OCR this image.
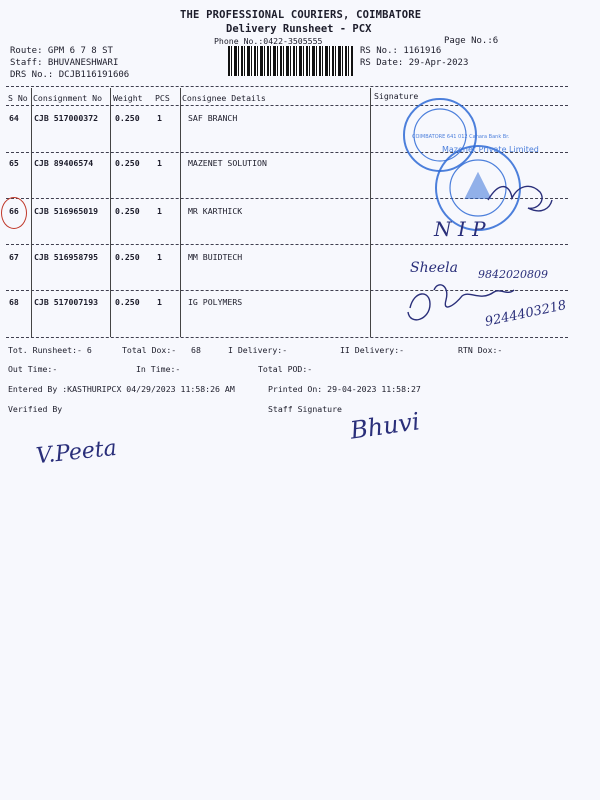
THE PROFESSIONAL COURIERS, COIMBATORE
Delivery Runsheet - PCX
Phone No.:0422-3505555	Page No.:6
Route: GPM 6 7 8 ST
Staff: BHUVANESHWARI
DRS No.: DCJB116191606
RS No.: 1161916
RS Date: 29-Apr-2023
S No Consignment No Weight PCS Consignee Details	Signature
64 CJB 517000372 0.250 1	SAF BRANCH
65 CJB 89406574	0.250 1	MAZENET SOLUTION
66 CJB 516965019 0.250 1	MR KARTHICK
67 CJB 516958795 0.250 1	MM BUIDTECH
68 CJB 517007193 0.250 1	IG POLYMERS
COIMBATORE 641 012 Canara Bank Br.
Mazenet Private Limited
N I P
Sheela 9842020809
9244403218
Tot. Runsheet:- 6	Total Dox:-   68	I Delivery:-	II Delivery:-	RTN Dox:-
Out Time:-	In Time:-	Total POD:-
Entered By :KASTHURIPCX 04/29/2023 11:58:26 AM	Printed On: 29-04-2023 11:58:27
Verified By	Staff Signature Bhuvi
V.Peeta
